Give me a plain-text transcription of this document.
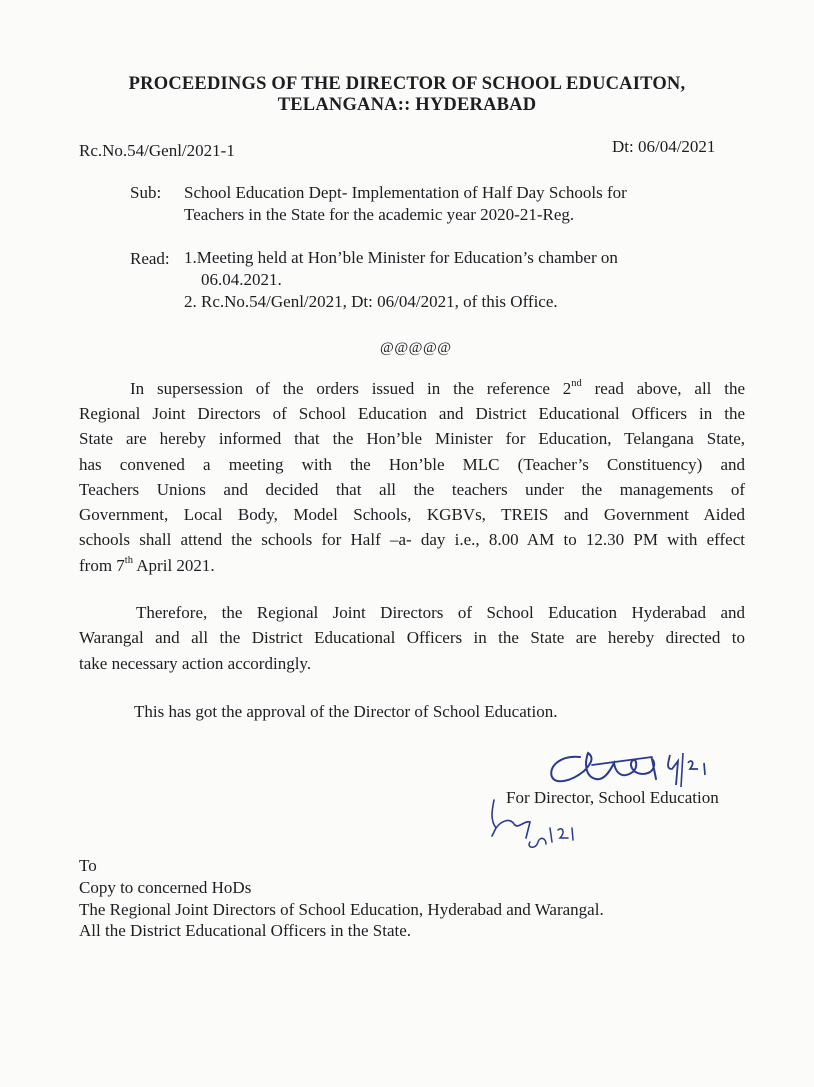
PROCEEDINGS OF THE DIRECTOR OF SCHOOL EDUCAITON,
TELANGANA:: HYDERABAD
Rc.No.54/Genl/2021-1	Dt: 06/04/2021
Sub: School Education Dept- Implementation of Half Day Schools for
Teachers in the State for the academic year 2020-21-Reg.
Read: 1.Meeting held at Hon’ble Minister for Education’s chamber on
06.04.2021.
2. Rc.No.54/Genl/2021, Dt: 06/04/2021, of this Office.
@@@@@
In supersession of the orders issued in the reference 2nd read above, all the
Regional Joint Directors of School Education and District Educational Officers in the
State are hereby informed that the Hon’ble Minister for Education, Telangana State,
has convened a meeting with the Hon’ble MLC (Teacher’s Constituency) and
Teachers Unions and decided that all the teachers under the managements of
Government, Local Body, Model Schools, KGBVs, TREIS and Government Aided
schools shall attend the schools for Half –a- day i.e., 8.00 AM to 12.30 PM with effect
from 7th April 2021.
Therefore, the Regional Joint Directors of School Education Hyderabad and
Warangal and all the District Educational Officers in the State are hereby directed to
take necessary action accordingly.
This has got the approval of the Director of School Education.
For Director, School Education
To
Copy to concerned HoDs
The Regional Joint Directors of School Education, Hyderabad and Warangal.
All the District Educational Officers in the State.
